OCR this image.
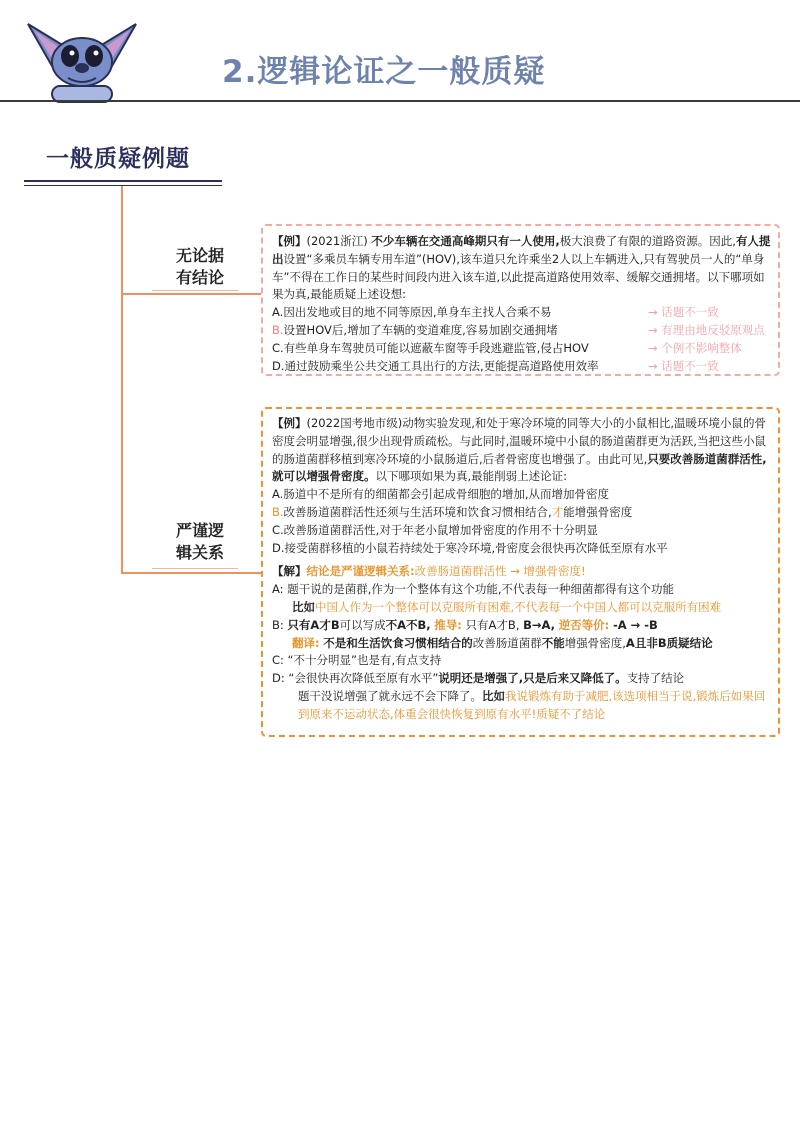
2.逻辑论证之一般质疑
一般质疑例题
无论据
有结论
严谨逻
辑关系
【例】(2021浙江) 不少车辆在交通高峰期只有一人使用,极大浪费了有限的道路资源。因此,有人提出设置“多乘员车辆专用车道”(HOV),该车道只允许乘坐2人以上车辆进入,只有驾驶员一人的“单身车”不得在工作日的某些时间段内进入该车道,以此提高道路使用效率、缓解交通拥堵。以下哪项如果为真,最能质疑上述设想:
A.因出发地或目的地不同等原因,单身车主找人合乘不易	→ 话题不一致
B.设置HOV后,增加了车辆的变道难度,容易加剧交通拥堵	→ 有理由地反驳原观点
C.有些单身车驾驶员可能以遮蔽车窗等手段逃避监管,侵占HOV	→ 个例不影响整体
D.通过鼓励乘坐公共交通工具出行的方法,更能提高道路使用效率	→ 话题不一致
【例】(2022国考地市级)动物实验发现,和处于寒冷环境的同等大小的小鼠相比,温暖环境小鼠的骨密度会明显增强,很少出现骨质疏松。与此同时,温暖环境中小鼠的肠道菌群更为活跃,当把这些小鼠的肠道菌群移植到寒冷环境的小鼠肠道后,后者骨密度也增强了。由此可见,只要改善肠道菌群活性,就可以增强骨密度。以下哪项如果为真,最能削弱上述论证:
A.肠道中不是所有的细菌都会引起成骨细胞的增加,从而增加骨密度
B.改善肠道菌群活性还须与生活环境和饮食习惯相结合,才能增强骨密度
C.改善肠道菌群活性,对于年老小鼠增加骨密度的作用不十分明显
D.接受菌群移植的小鼠若持续处于寒冷环境,骨密度会很快再次降低至原有水平
【解】结论是严谨逻辑关系:改善肠道菌群活性 → 增强骨密度!
A: 题干说的是菌群,作为一个整体有这个功能,不代表每一种细菌都得有这个功能
比如中国人作为一个整体可以克服所有困难,不代表每一个中国人都可以克服所有困难
B: 只有A才B可以写成不A不B, 推导: 只有A才B, B→A, 逆否等价: -A → -B
翻译: 不是和生活饮食习惯相结合的改善肠道菌群不能增强骨密度,A且非B质疑结论
C: “不十分明显”也是有,有点支持
D: “会很快再次降低至原有水平”说明还是增强了,只是后来又降低了。支持了结论
题干没说增强了就永远不会下降了。比如我说锻炼有助于减肥,该选项相当于说,锻炼后如果回到原来不运动状态,体重会很快恢复到原有水平!质疑不了结论
